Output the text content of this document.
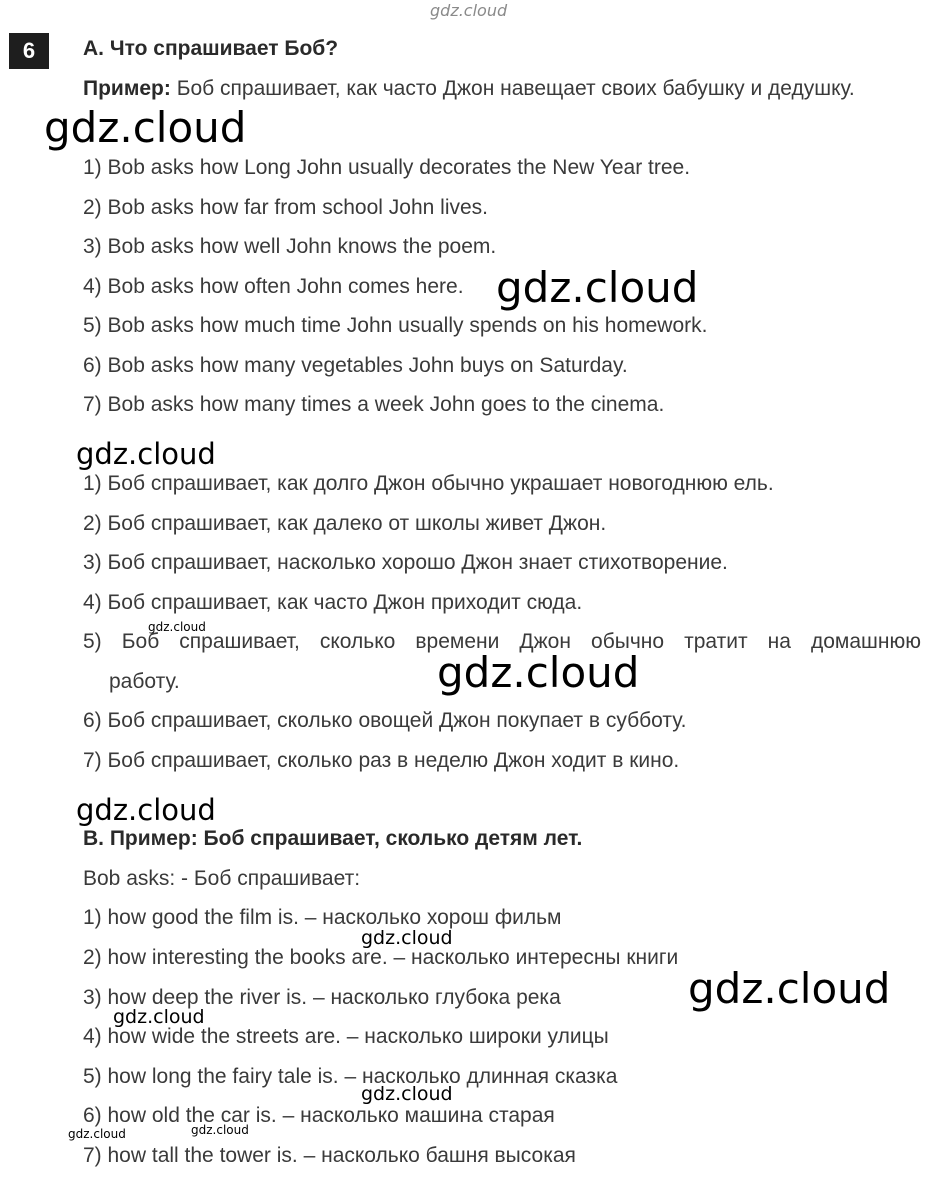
gdz.cloud
6	A. Что спрашивает Боб?
Пример: Боб спрашивает, как часто Джон навещает своих бабушку и дедушку.
1) Bob asks how Long John usually decorates the New Year tree.
2) Bob asks how far from school John lives.
3) Bob asks how well John knows the poem.
4) Bob asks how often John comes here.
5) Bob asks how much time John usually spends on his homework.
6) Bob asks how many vegetables John buys on Saturday.
7) Bob asks how many times a week John goes to the cinema.
1) Боб спрашивает, как долго Джон обычно украшает новогоднюю ель.
2) Боб спрашивает, как далеко от школы живет Джон.
3) Боб спрашивает, насколько хорошо Джон знает стихотворение.
4) Боб спрашивает, как часто Джон приходит сюда.
5) Боб спрашивает, сколько времени Джон обычно тратит на домашнюю
работу.
6) Боб спрашивает, сколько овощей Джон покупает в субботу.
7) Боб спрашивает, сколько раз в неделю Джон ходит в кино.
B. Пример: Боб спрашивает, сколько детям лет.
Bob asks: - Боб спрашивает:
1) how good the film is. – насколько хорош фильм
2) how interesting the books are. – насколько интересны книги
3) how deep the river is. – насколько глубока река
4) how wide the streets are. – насколько широки улицы
5) how long the fairy tale is. – насколько длинная сказка
6) how old the car is. – насколько машина старая
7) how tall the tower is. – насколько башня высокая
gdz.cloud
gdz.cloud
gdz.cloud
gdz.cloud
gdz.cloud
gdz.cloud
gdz.cloud
gdz.cloud
gdz.cloud
gdz.cloud
gdz.cloud
gdz.cloud
